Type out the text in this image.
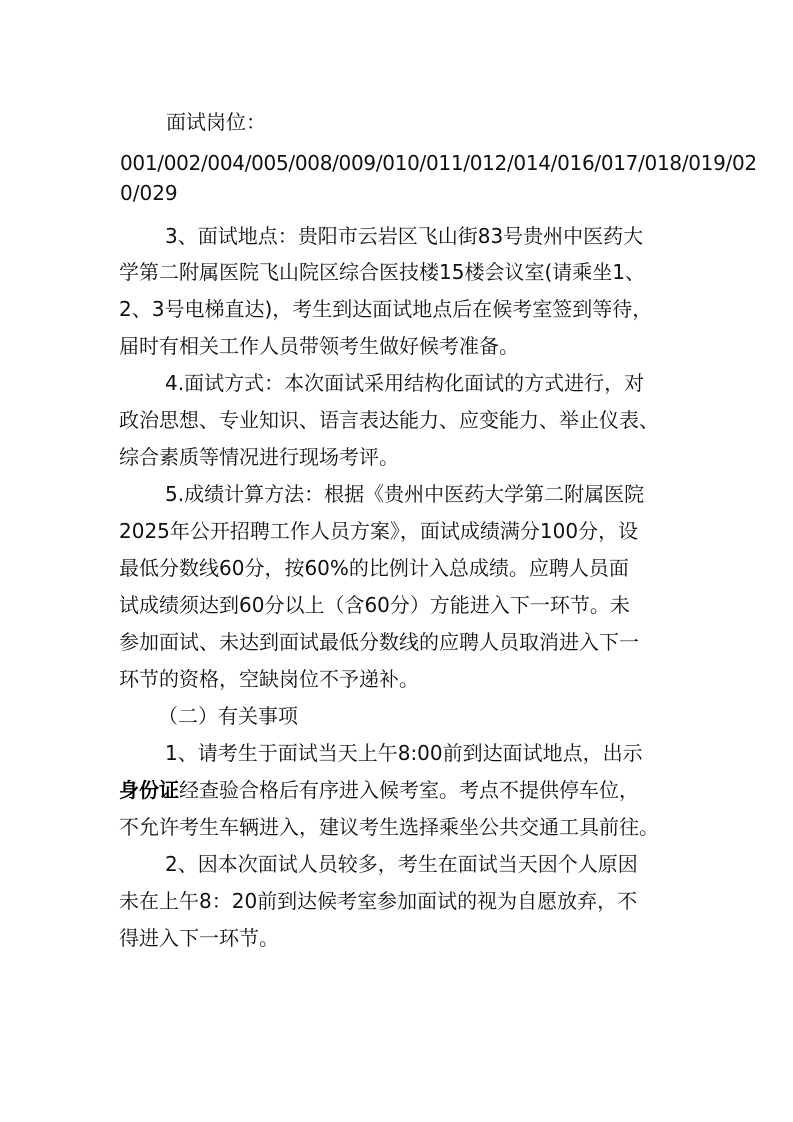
面试岗位：
001/002/004/005/008/009/010/011/012/014/016/017/018/019/02
0/029
3、面试地点：贵阳市云岩区飞山街83号贵州中医药大
学第二附属医院飞山院区综合医技楼15楼会议室(请乘坐1、
2、3号电梯直达)，考生到达面试地点后在候考室签到等待，
届时有相关工作人员带领考生做好候考准备。
4.面试方式：本次面试采用结构化面试的方式进行，对
政治思想、专业知识、语言表达能力、应变能力、举止仪表、
综合素质等情况进行现场考评。
5.成绩计算方法：根据《贵州中医药大学第二附属医院
2025年公开招聘工作人员方案》，面试成绩满分100分，设
最低分数线60分，按60%的比例计入总成绩。应聘人员面
试成绩须达到60分以上（含60分）方能进入下一环节。未
参加面试、未达到面试最低分数线的应聘人员取消进入下一
环节的资格，空缺岗位不予递补。
（二）有关事项
1、请考生于面试当天上午8:00前到达面试地点，出示
身份证经查验合格后有序进入候考室。考点不提供停车位，
不允许考生车辆进入，建议考生选择乘坐公共交通工具前往。
2、因本次面试人员较多，考生在面试当天因个人原因
未在上午8：20前到达候考室参加面试的视为自愿放弃，不
得进入下一环节。
